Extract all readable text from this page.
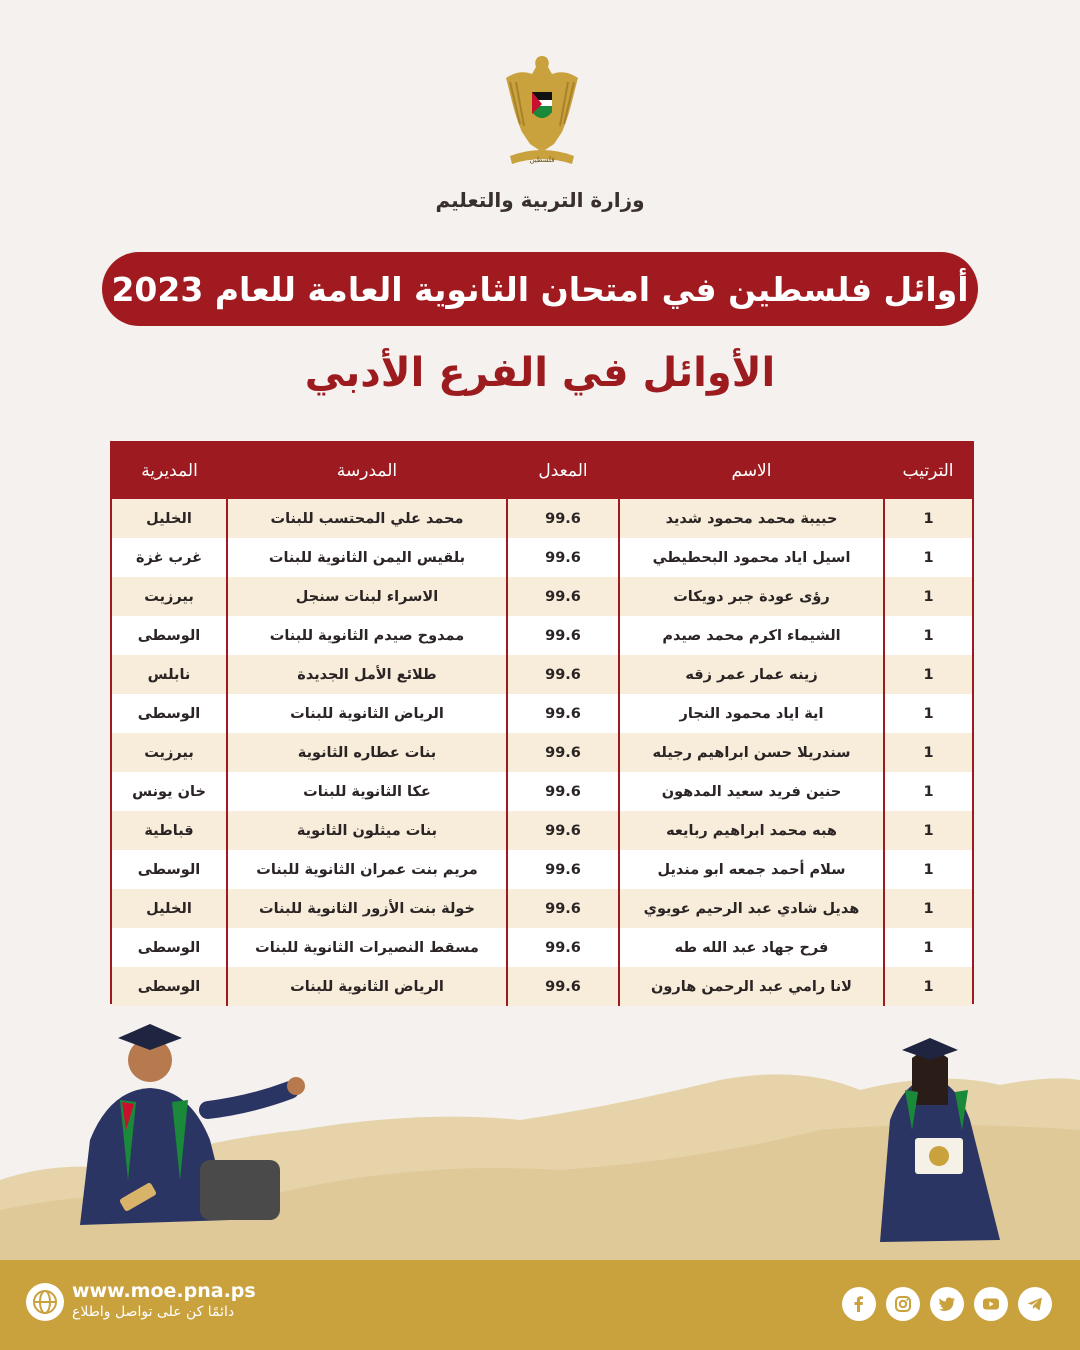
فلسطين
وزارة التربية والتعليم
أوائل فلسطين في امتحان الثانوية العامة للعام 2023
الأوائل في الفرع الأدبي
الترتيب	الاسم	المعدل	المدرسة	المديرية
1	حبيبة محمد محمود شديد	99.6	محمد علي المحتسب للبنات	الخليل
1	اسيل اياد محمود البحطيطي	99.6	بلقيس اليمن الثانوية للبنات	غرب غزة
1	رؤى عودة جبر دويكات	99.6	الاسراء لبنات سنجل	بيرزيت
1	الشيماء اكرم محمد صيدم	99.6	ممدوح صيدم الثانوية للبنات	الوسطى
1	زينه عمار عمر زقه	99.6	طلائع الأمل الجديدة	نابلس
1	اية اياد محمود النجار	99.6	الرياض الثانوية للبنات	الوسطى
1	سندريلا حسن ابراهيم رجيله	99.6	بنات عطاره الثانوية	بيرزيت
1	حنين فريد سعيد المدهون	99.6	عكا الثانوية للبنات	خان يونس
1	هبه محمد ابراهيم ربايعه	99.6	بنات ميثلون الثانوية	قباطية
1	سلام أحمد جمعه ابو منديل	99.6	مريم بنت عمران الثانوية للبنات	الوسطى
1	هديل شادي عبد الرحيم عويوي	99.6	خولة بنت الأزور الثانوية للبنات	الخليل
1	فرح جهاد عبد الله طه	99.6	مسقط النصيرات الثانوية للبنات	الوسطى
1	لانا رامي عبد الرحمن هارون	99.6	الرياض الثانوية للبنات	الوسطى
www.moe.pna.ps
دائمًا كن على تواصل واطلاع
